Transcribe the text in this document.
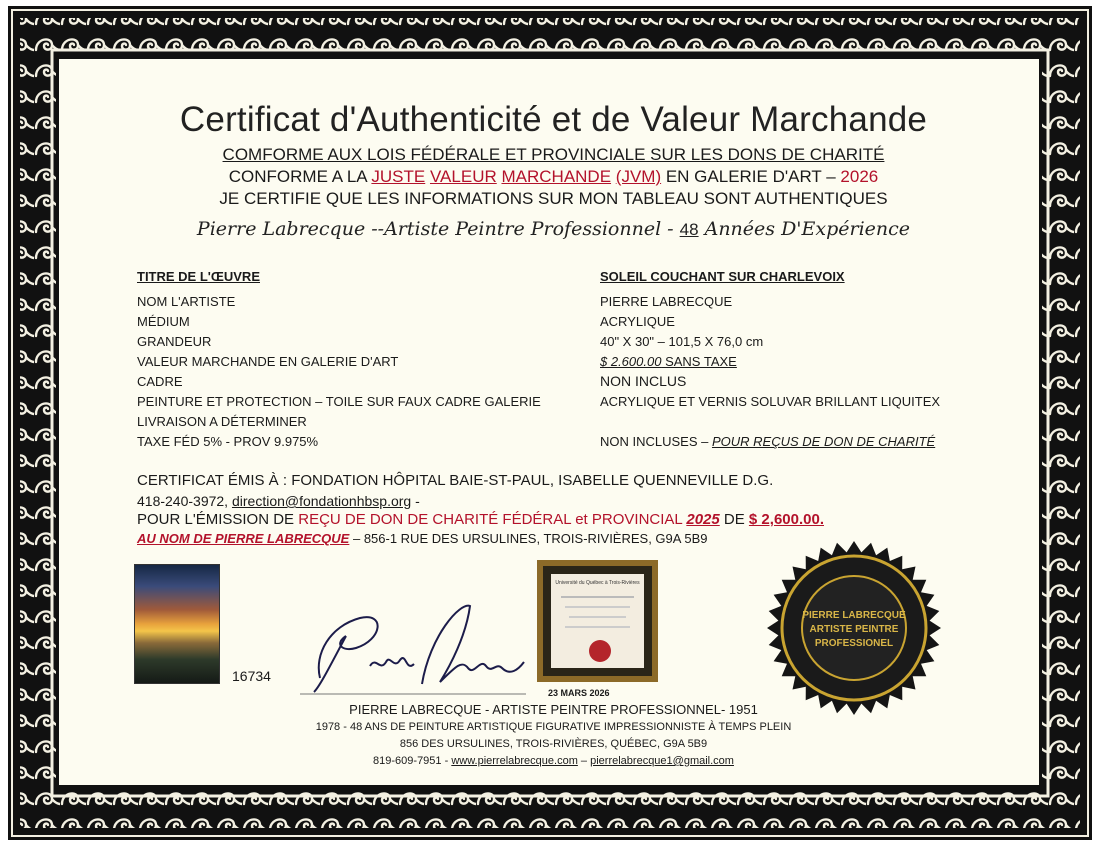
Certificat d'Authenticité et de Valeur Marchande
COMFORME AUX LOIS FÉDÉRALE ET PROVINCIALE SUR LES DONS DE CHARITÉ
CONFORME A LA JUSTE VALEUR MARCHANDE (JVM) EN GALERIE D'ART – 2026
JE CERTIFIE QUE LES INFORMATIONS SUR MON TABLEAU SONT AUTHENTIQUES
Pierre Labrecque --Artiste Peintre Professionnel - 48 Années D'Expérience
TITRE DE L'ŒUVRE	SOLEIL COUCHANT SUR CHARLEVOIX
NOM L'ARTISTE	PIERRE LABRECQUE
MÉDIUM	ACRYLIQUE
GRANDEUR	40" X 30" – 101,5 X 76,0 cm
VALEUR MARCHANDE EN GALERIE D'ART	$ 2.600.00 SANS TAXE
CADRE	NON INCLUS
PEINTURE ET PROTECTION – TOILE SUR FAUX CADRE GALERIE	ACRYLIQUE ET VERNIS SOLUVAR BRILLANT LIQUITEX
LIVRAISON A DÉTERMINER
TAXE FÉD 5% - PROV 9.975%	NON INCLUSES – POUR REÇUS DE DON DE CHARITÉ
CERTIFICAT ÉMIS À : FONDATION HÔPITAL BAIE-ST-PAUL, ISABELLE QUENNEVILLE D.G.
418-240-3972, direction@fondationhbsp.org -
POUR L'ÉMISSION DE REÇU DE DON DE CHARITÉ FÉDÉRAL et PROVINCIAL 2025 DE $ 2,600.00.
AU NOM DE PIERRE LABRECQUE – 856-1 RUE DES URSULINES, TROIS-RIVIÈRES, G9A 5B9
16734
Université du Québec à Trois-Rivières
23 MARS 2026
PIERRE LABRECQUE
ARTISTE PEINTRE
PROFESSIONEL
PIERRE LABRECQUE - ARTISTE PEINTRE PROFESSIONNEL- 1951
1978 - 48 ANS DE PEINTURE ARTISTIQUE FIGURATIVE IMPRESSIONNISTE À TEMPS PLEIN
856 DES URSULINES, TROIS-RIVIÈRES, QUÉBEC, G9A 5B9
819-609-7951 - www.pierrelabrecque.com – pierrelabrecque1@gmail.com
